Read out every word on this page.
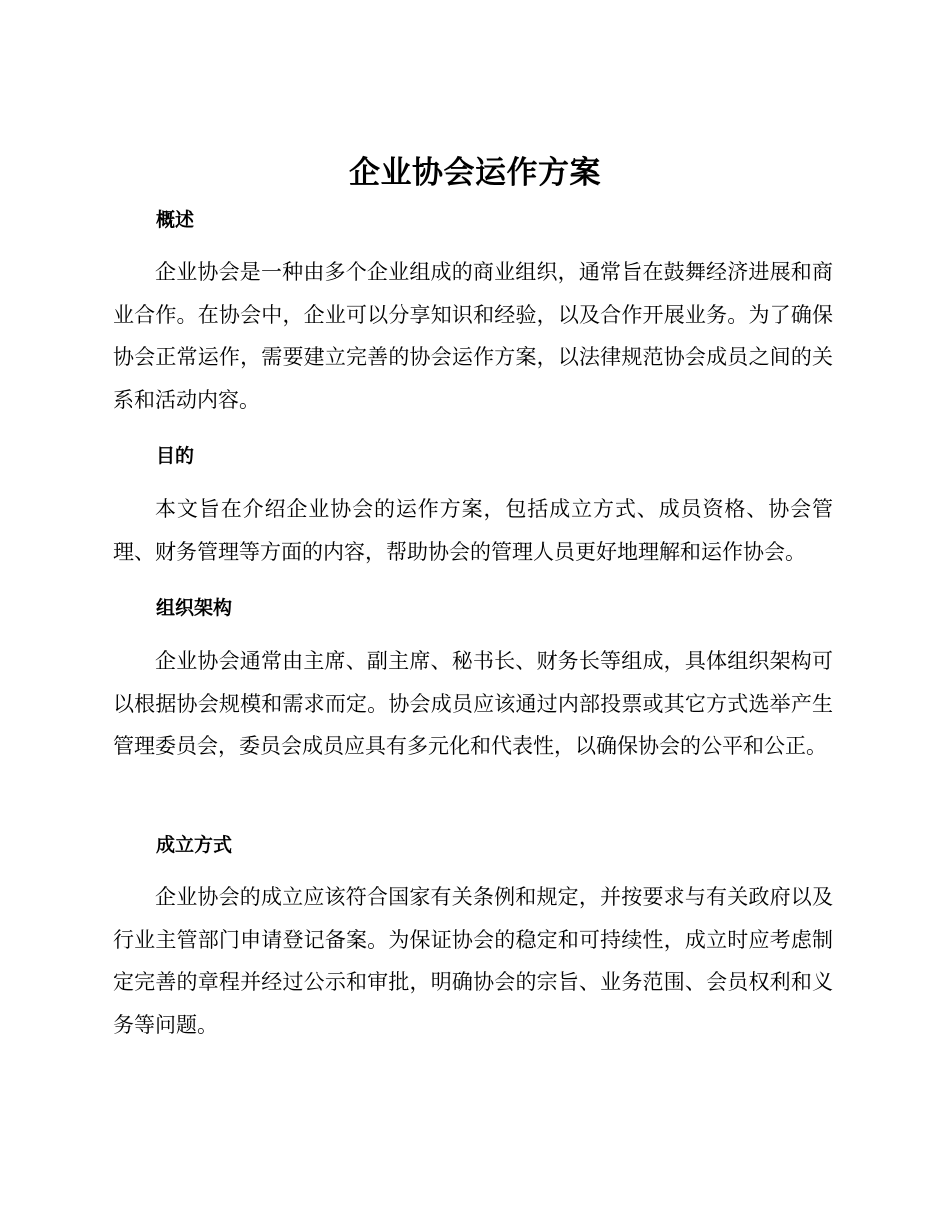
企业协会运作方案
概述

企业协会是一种由多个企业组成的商业组织，通常旨在鼓舞经济进展和商业合作。在协会中，企业可以分享知识和经验，以及合作开展业务。为了确保协会正常运作，需要建立完善的协会运作方案，以法律规范协会成员之间的关系和活动内容。

目的

本文旨在介绍企业协会的运作方案，包括成立方式、成员资格、协会管理、财务管理等方面的内容，帮助协会的管理人员更好地理解和运作协会。

组织架构

企业协会通常由主席、副主席、秘书长、财务长等组成，具体组织架构可以根据协会规模和需求而定。协会成员应该通过内部投票或其它方式选举产生管理委员会，委员会成员应具有多元化和代表性，以确保协会的公平和公正。

成立方式

企业协会的成立应该符合国家有关条例和规定，并按要求与有关政府以及行业主管部门申请登记备案。为保证协会的稳定和可持续性，成立时应考虑制定完善的章程并经过公示和审批，明确协会的宗旨、业务范围、会员权利和义务等问题。
